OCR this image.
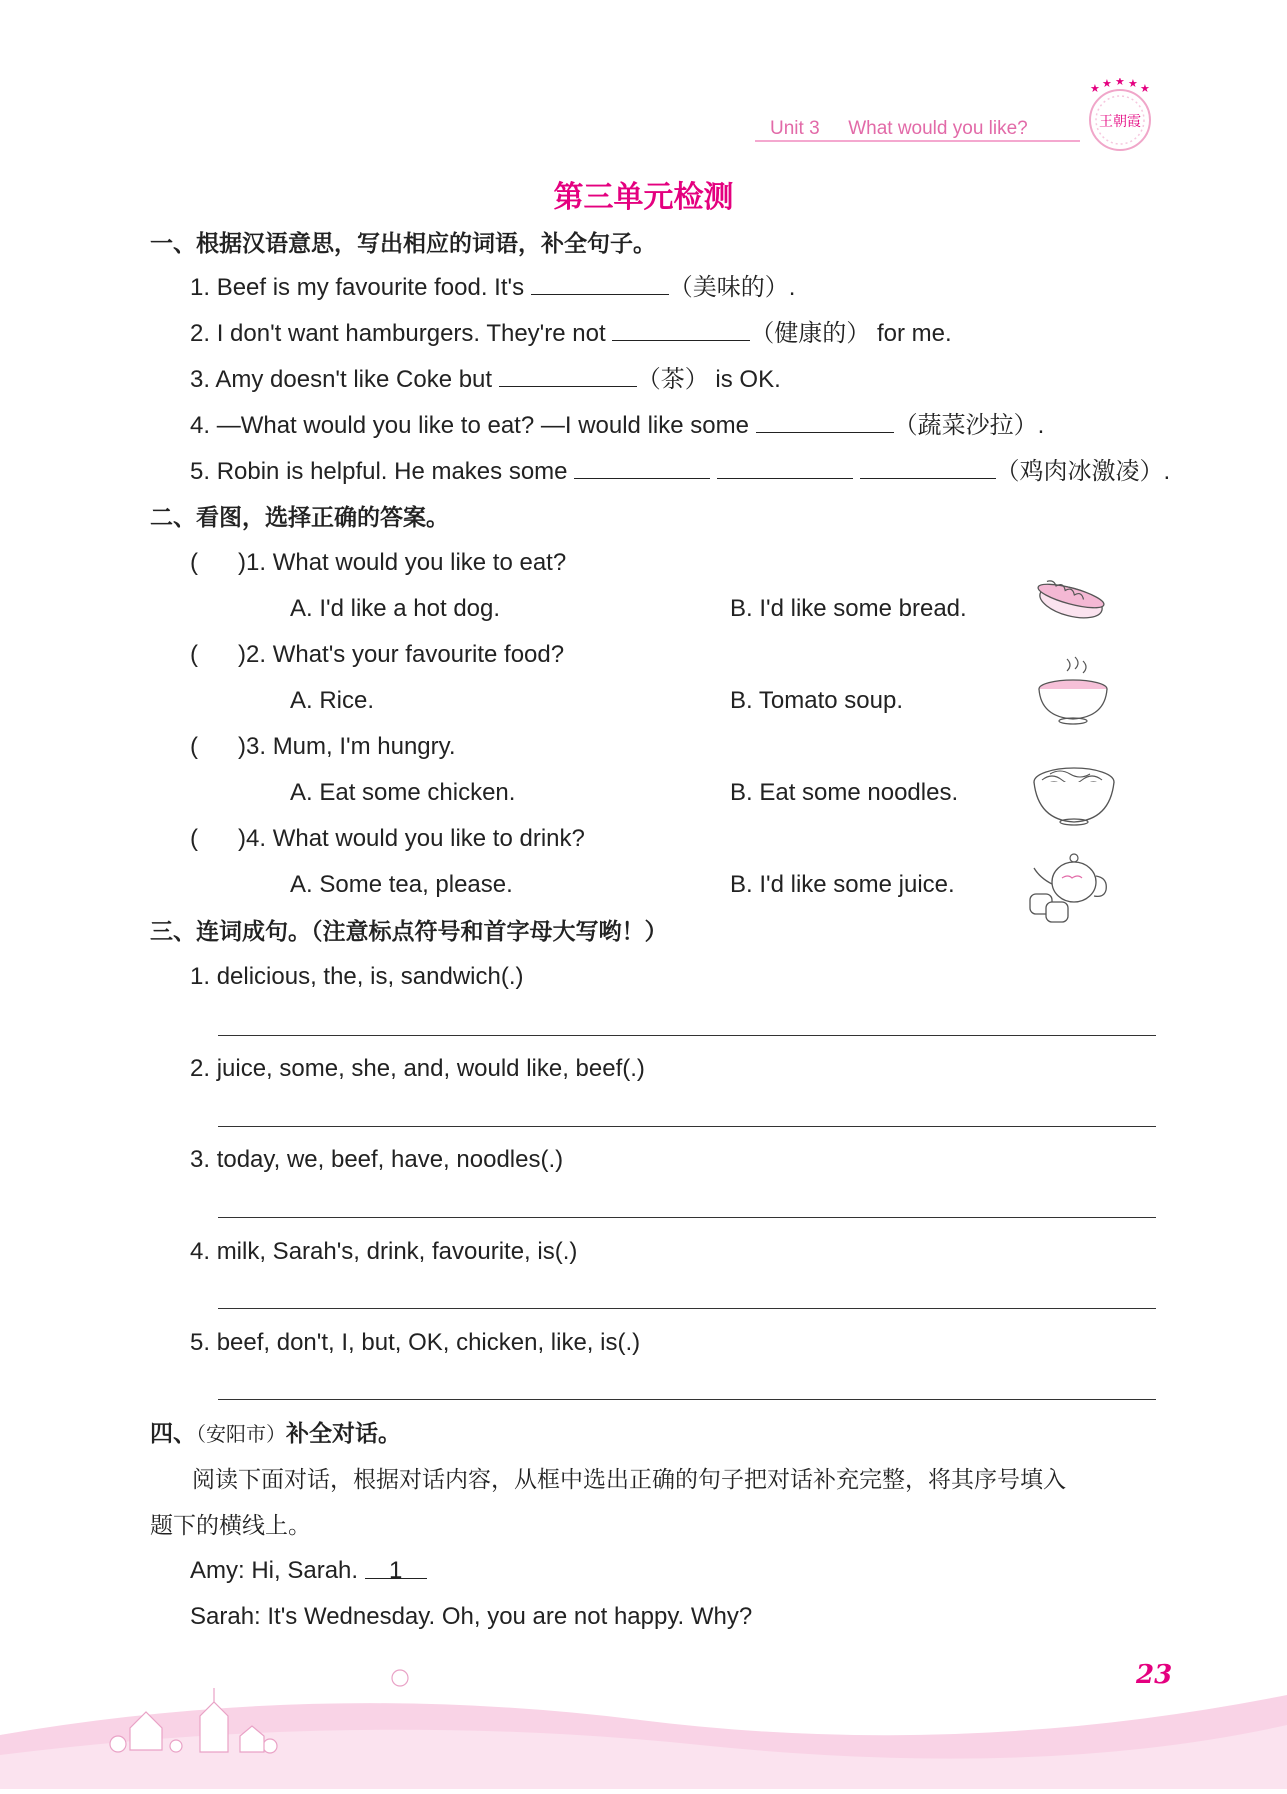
Unit 3 What would you like?
★ ★ ★ ★ ★
王朝霞
第三单元检测
一、根据汉语意思，写出相应的词语，补全句子。
1. Beef is my favourite food. It's	（美味的）.
2. I don't want hamburgers. They're not	（健康的） for me.
3. Amy doesn't like Coke but	（茶） is OK.
4. —What would you like to eat? —I would like some	（蔬菜沙拉）.
5. Robin is helpful. He makes some	（鸡肉冰激凌）.
二、看图，选择正确的答案。
(      )1. What would you like to eat?
A. I'd like a hot dog.	B. I'd like some bread.
(      )2. What's your favourite food?
A. Rice.	B. Tomato soup.
(      )3. Mum, I'm hungry.
A. Eat some chicken.	B. Eat some noodles.
(      )4. What would you like to drink?
A. Some tea, please.	B. I'd like some juice.
三、连词成句。（注意标点符号和首字母大写哟！）
1. delicious, the, is, sandwich(.)
2. juice, some, she, and, would like, beef(.)
3. today, we, beef, have, noodles(.)
4. milk, Sarah's, drink, favourite, is(.)
5. beef, don't, I, but, OK, chicken, like, is(.)
四、（安阳市）补全对话。
阅读下面对话，根据对话内容，从框中选出正确的句子把对话补充完整，将其序号填入
题下的横线上。
Amy: Hi, Sarah. 1
Sarah: It's Wednesday. Oh, you are not happy. Why?
23
